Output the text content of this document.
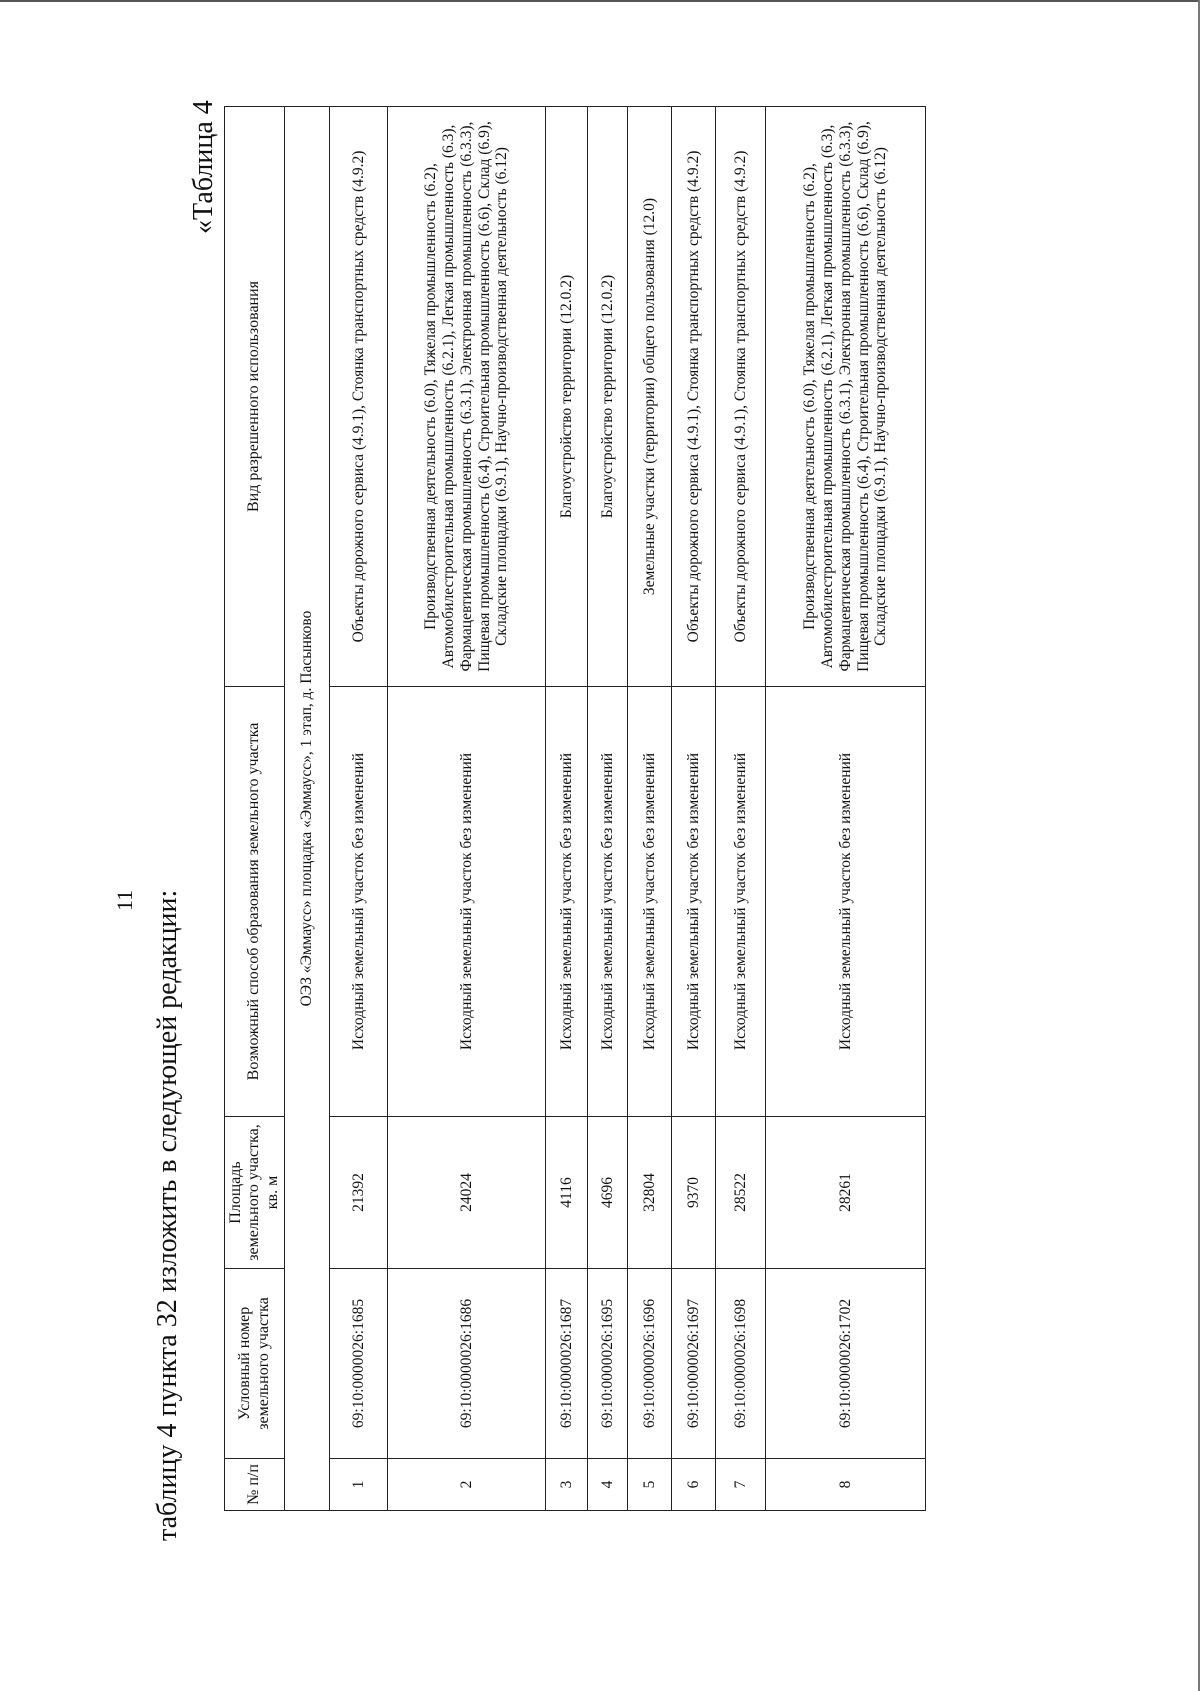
11 таблицу 4 пункта 32 изложить в следующей редакции:
«Таблица 4
№ п/п	Условный номер земельного участка	Площадь земельного участка, кв. м	Возможный способ образования земельного участка	Вид разрешенного использования
ОЭЗ «Эммаусс» площадка «Эммаусс», 1 этап, д. Пасынково				
1	69:10:0000026:1685	21392	Исходный земельный участок без изменений	Объекты дорожного сервиса (4.9.1), Стоянка транспортных средств (4.9.2)
2	69:10:0000026:1686	24024	Исходный земельный участок без изменений	Производственная деятельность (6.0), Тяжелая промышленность (6.2), Автомобилестроительная промышленность (6.2.1), Легкая промышленность (6.3), Фармацевтическая промышленность (6.3.1), Электронная промышленность (6.3.3), Пищевая промышленность (6.4), Строительная промышленность (6.6), Склад (6.9), Складские площадки (6.9.1), Научно-производственная деятельность (6.12)
3	69:10:0000026:1687	4116	Исходный земельный участок без изменений	Благоустройство территории (12.0.2)
4	69:10:0000026:1695	4696	Исходный земельный участок без изменений	Благоустройство территории (12.0.2)
5	69:10:0000026:1696	32804	Исходный земельный участок без изменений	Земельные участки (территории) общего пользования (12.0)
6	69:10:0000026:1697	9370	Исходный земельный участок без изменений	Объекты дорожного сервиса (4.9.1), Стоянка транспортных средств (4.9.2)
7	69:10:0000026:1698	28522	Исходный земельный участок без изменений	Объекты дорожного сервиса (4.9.1), Стоянка транспортных средств (4.9.2)
8	69:10:0000026:1702	28261	Исходный земельный участок без изменений	Производственная деятельность (6.0), Тяжелая промышленность (6.2), Автомобилестроительная промышленность (6.2.1), Легкая промышленность (6.3), Фармацевтическая промышленность (6.3.1), Электронная промышленность (6.3.3), Пищевая промышленность (6.4), Строительная промышленность (6.6), Склад (6.9), Складские площадки (6.9.1), Научно-производственная деятельность (6.12)
